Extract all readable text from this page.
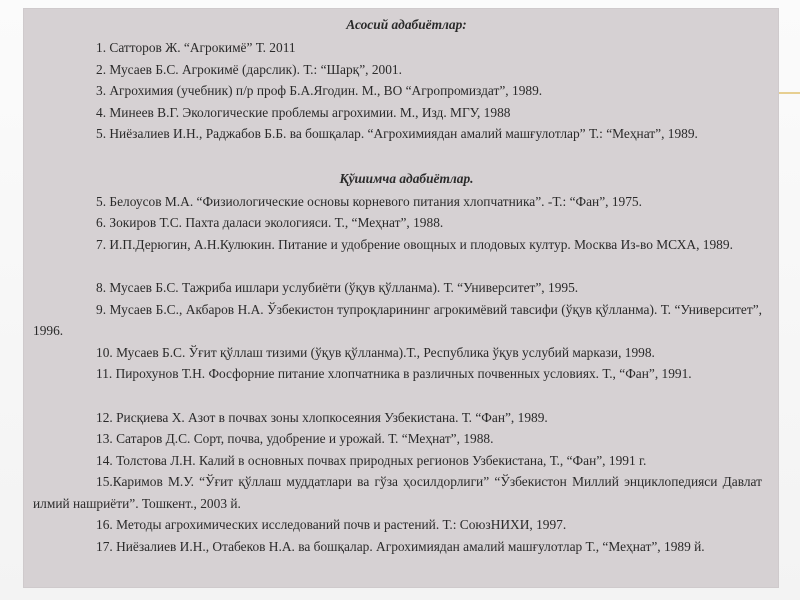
Асосий адабиётлар:

1. Сатторов Ж. “Агрокимё” Т. 2011

2. Мусаев Б.С. Агрокимё (дарслик). Т.: “Шарқ”, 2001.

3. Агрохимия (учебник) п/р проф Б.А.Ягодин. М., ВО “Агропромиздат”, 1989.

4. Минеев В.Г. Экологические проблемы агрохимии. М., Изд. МГУ, 1988

5. Ниёзалиев И.Н., Раджабов Б.Б. ва бошқалар. “Агрохимиядан амалий машғулотлар” Т.: “Меҳнат”, 1989.

Қўшимча адабиётлар.

5. Белоусов М.А. “Физиологические основы корневого питания хлопчатника”. -Т.: “Фан”, 1975.

6. Зокиров Т.С. Пахта даласи экологияси. Т., “Меҳнат”, 1988.

7. И.П.Дерюгин, А.Н.Кулюкин. Питание и удобрение овощных и плодовых култур. Москва Из-во МСХА, 1989.

8. Мусаев Б.С. Тажриба ишлари услубиёти (ўқув қўлланма). Т. “Университет”, 1995.

9. Мусаев Б.С., Акбаров Н.А. Ўзбекистон тупроқларининг агрокимёвий тавсифи (ўқув қўлланма). Т. “Университет”, 1996.

10. Мусаев Б.С. Ўғит қўллаш тизими (ўқув қўлланма).Т., Республика ўқув услубий маркази, 1998.

11. Пирохунов Т.Н. Фосфорние питание хлопчатника в различных почвенных условиях. Т., “Фан”, 1991.

12. Рисқиева Х. Азот в почвах зоны хлопкосеяния Узбекистана. Т. “Фан”, 1989.

13. Сатаров Д.С. Сорт, почва, удобрение и урожай. Т. “Меҳнат”, 1988.

14. Толстова Л.Н. Калий в основных почвах природных регионов Узбекистана, Т., “Фан”, 1991 г.

15.Каримов М.У. “Ўғит қўллаш муддатлари ва гўза ҳосилдорлиги” “Ўзбекистон Миллий энциклопедияси Давлат илмий нашриёти”. Тошкент., 2003 й.

16. Методы агрохимических исследований почв и растений. Т.: СоюзНИХИ, 1997.

17. Ниёзалиев И.Н., Отабеков Н.А. ва бошқалар. Агрохимиядан амалий машғулотлар Т., “Меҳнат”, 1989 й.
